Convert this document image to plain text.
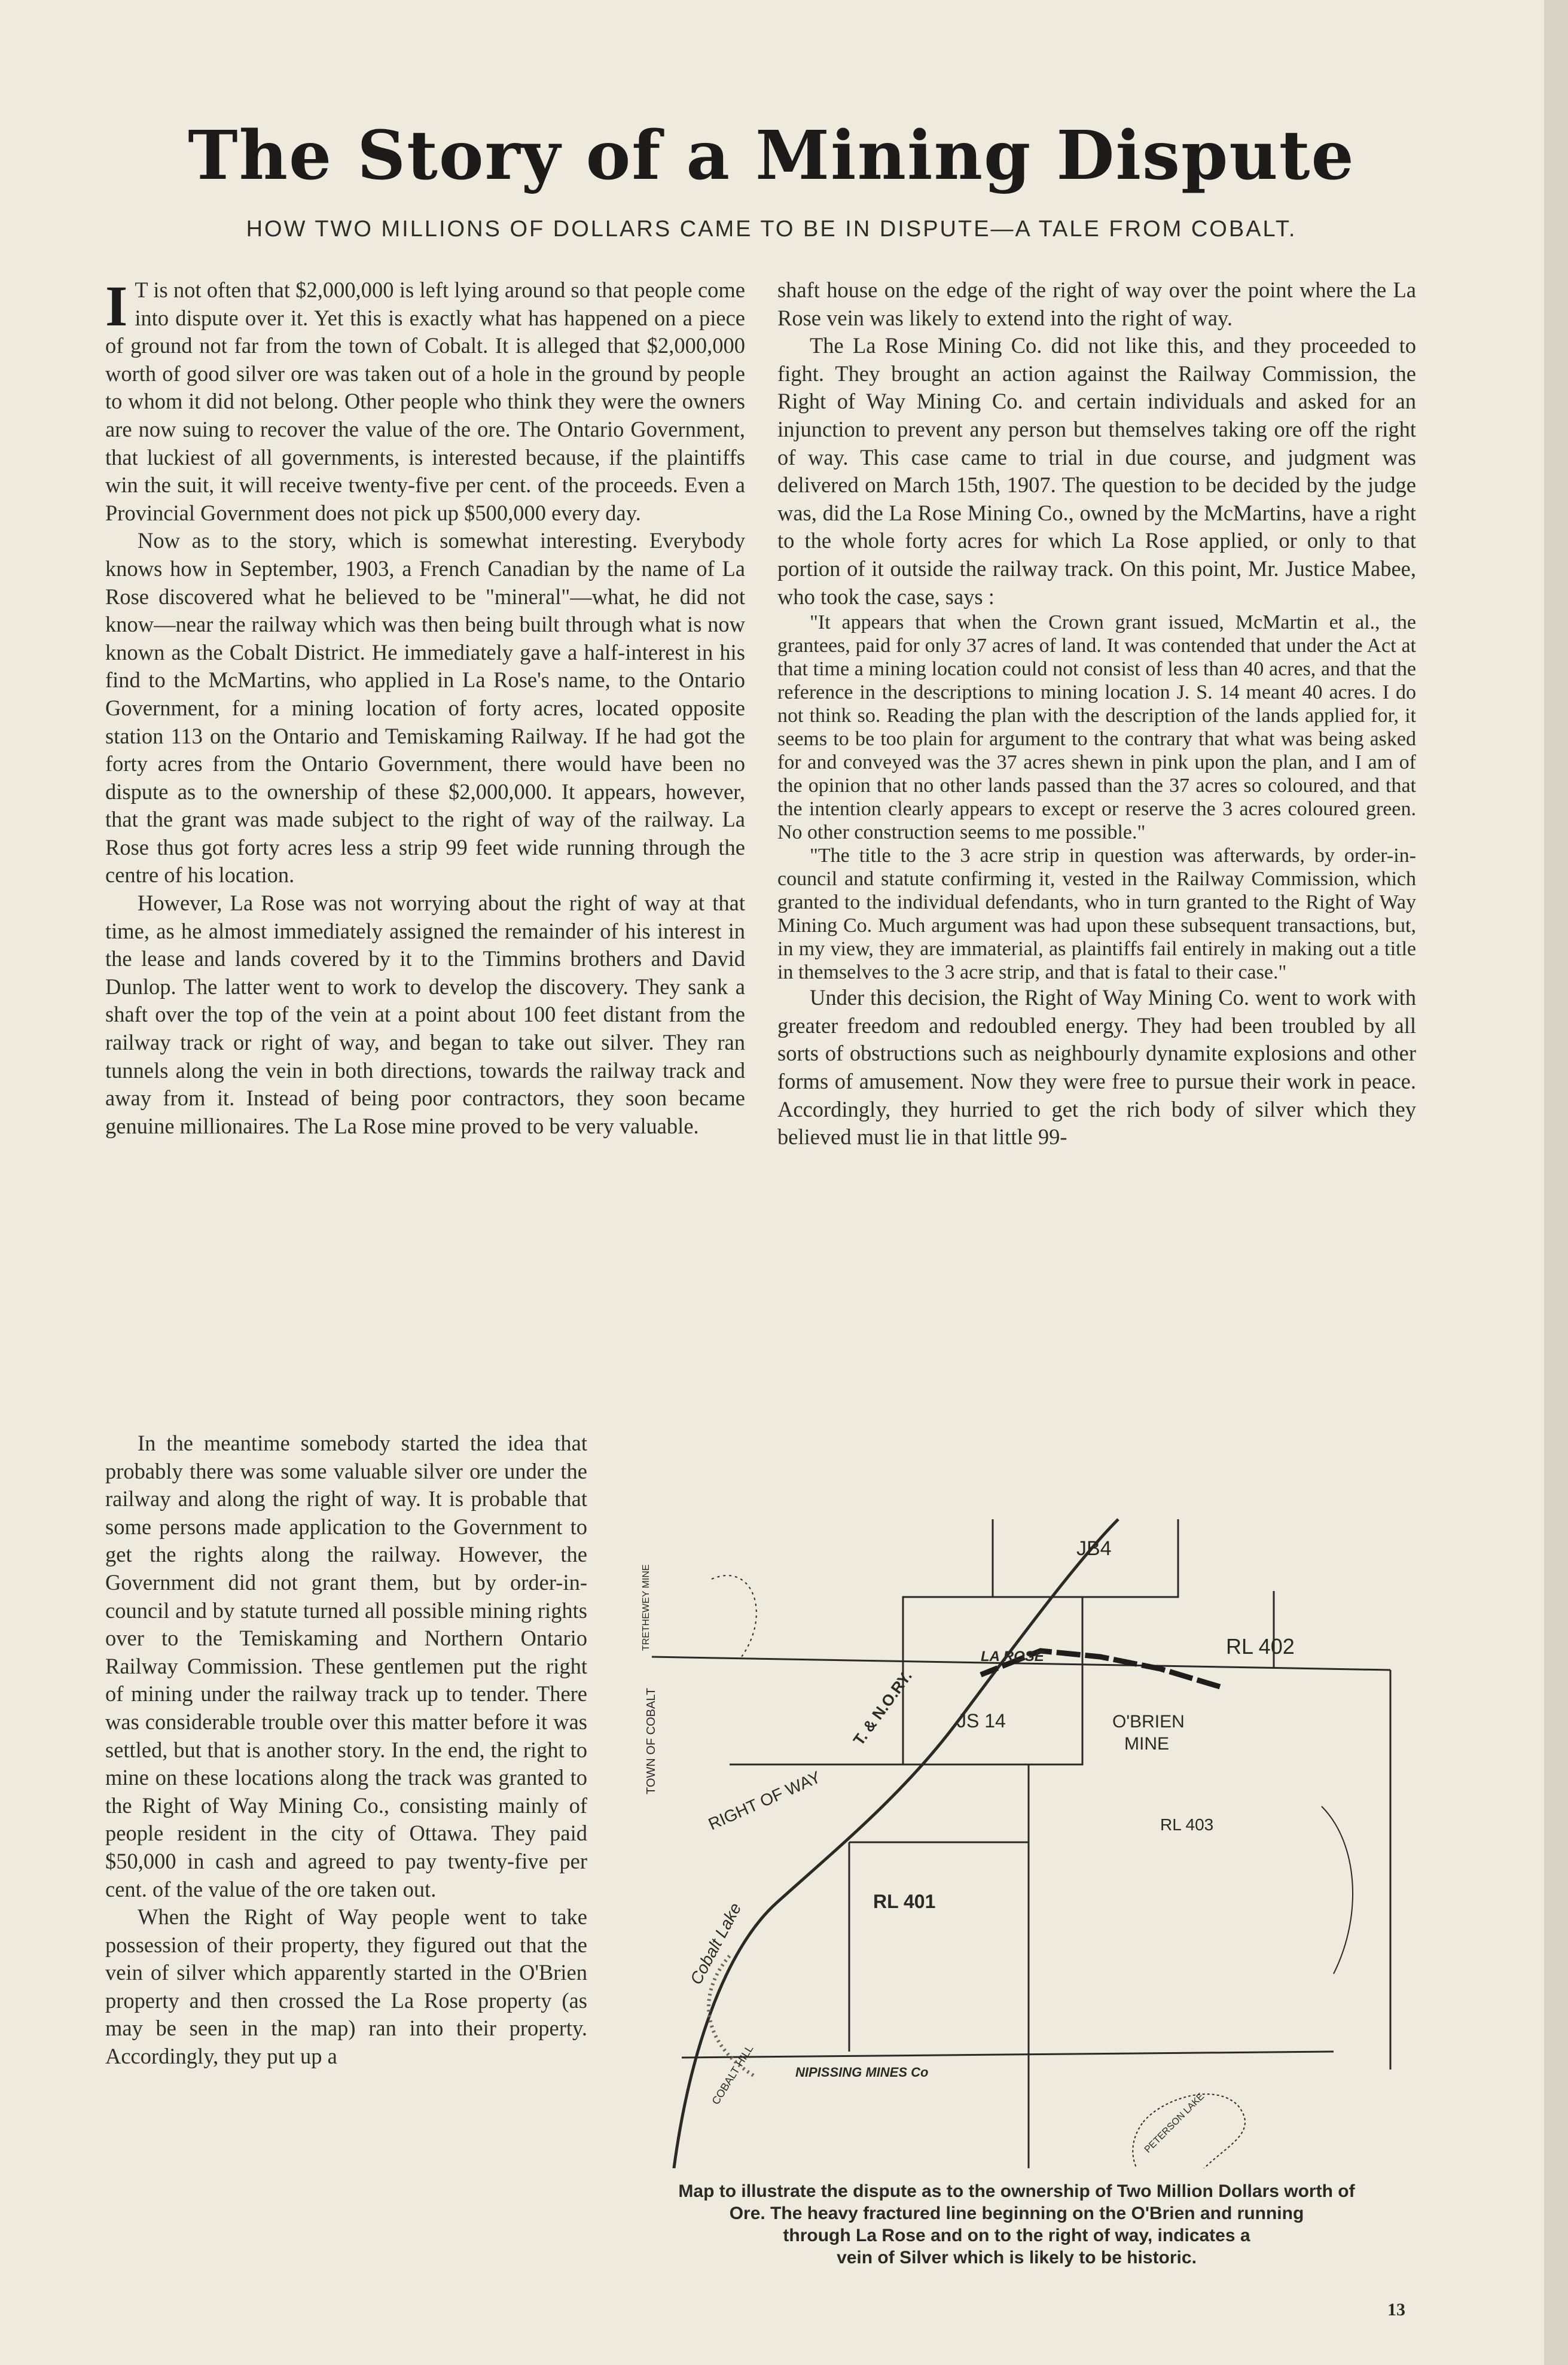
The Story of a Mining Dispute
HOW TWO MILLIONS OF DOLLARS CAME TO BE IN DISPUTE—A TALE FROM COBALT.

I T is not often that $2,000,000 is left lying around so that people come into dispute over it. Yet this is exactly what has happened on a piece of ground not far from the town of Cobalt. It is alleged that $2,000,000 worth of good silver ore was taken out of a hole in the ground by people to whom it did not belong. Other people who think they were the owners are now suing to recover the value of the ore. The Ontario Government, that luckiest of all governments, is interested because, if the plaintiffs win the suit, it will receive twenty-five per cent. of the proceeds. Even a Provincial Government does not pick up $500,000 every day.

Now as to the story, which is somewhat interesting. Everybody knows how in September, 1903, a French Canadian by the name of La Rose discovered what he believed to be "mineral"—what, he did not know—near the railway which was then being built through what is now known as the Cobalt District. He immediately gave a half-interest in his find to the McMartins, who applied in La Rose's name, to the Ontario Government, for a mining location of forty acres, located opposite station 113 on the Ontario and Temiskaming Railway. If he had got the forty acres from the Ontario Government, there would have been no dispute as to the ownership of these $2,000,000. It appears, however, that the grant was made subject to the right of way of the railway. La Rose thus got forty acres less a strip 99 feet wide running through the centre of his location.

However, La Rose was not worrying about the right of way at that time, as he almost immediately assigned the remainder of his interest in the lease and lands covered by it to the Timmins brothers and David Dunlop. The latter went to work to develop the discovery. They sank a shaft over the top of the vein at a point about 100 feet distant from the railway track or right of way, and began to take out silver. They ran tunnels along the vein in both directions, towards the railway track and away from it. Instead of being poor contractors, they soon became genuine millionaires. The La Rose mine proved to be very valuable.

In the meantime somebody started the idea that probably there was some valuable silver ore under the railway and along the right of way. It is probable that some persons made application to the Government to get the rights along the railway. However, the Government did not grant them, but by order-in-council and by statute turned all possible mining rights over to the Temiskaming and Northern Ontario Railway Commission. These gentlemen put the right of mining under the railway track up to tender. There was considerable trouble over this matter before it was settled, but that is another story. In the end, the right to mine on these locations along the track was granted to the Right of Way Mining Co., consisting mainly of people resident in the city of Ottawa. They paid $50,000 in cash and agreed to pay twenty-five per cent. of the value of the ore taken out.

When the Right of Way people went to take possession of their property, they figured out that the vein of silver which apparently started in the O'Brien property and then crossed the La Rose property (as may be seen in the map) ran into their property. Accordingly, they put up a

shaft house on the edge of the right of way over the point where the La Rose vein was likely to extend into the right of way.

The La Rose Mining Co. did not like this, and they proceeded to fight. They brought an action against the Railway Commission, the Right of Way Mining Co. and certain individuals and asked for an injunction to prevent any person but themselves taking ore off the right of way. This case came to trial in due course, and judgment was delivered on March 15th, 1907. The question to be decided by the judge was, did the La Rose Mining Co., owned by the McMartins, have a right to the whole forty acres for which La Rose applied, or only to that portion of it outside the railway track. On this point, Mr. Justice Mabee, who took the case, says :

"It appears that when the Crown grant issued, McMartin et al., the grantees, paid for only 37 acres of land. It was contended that under the Act at that time a mining location could not consist of less than 40 acres, and that the reference in the descriptions to mining location J. S. 14 meant 40 acres. I do not think so. Reading the plan with the description of the lands applied for, it seems to be too plain for argument to the contrary that what was being asked for and conveyed was the 37 acres shewn in pink upon the plan, and I am of the opinion that no other lands passed than the 37 acres so coloured, and that the intention clearly appears to except or reserve the 3 acres coloured green. No other construction seems to me possible."

"The title to the 3 acre strip in question was afterwards, by order-in-council and statute confirming it, vested in the Railway Commission, which granted to the individual defendants, who in turn granted to the Right of Way Mining Co. Much argument was had upon these subsequent transactions, but, in my view, they are immaterial, as plaintiffs fail entirely in making out a title in themselves to the 3 acre strip, and that is fatal to their case."

Under this decision, the Right of Way Mining Co. went to work with greater freedom and redoubled energy. They had been troubled by all sorts of obstructions such as neighbourly dynamite explosions and other forms of amusement. Now they were free to pursue their work in peace. Accordingly, they hurried to get the rich body of silver which they believed must lie in that little 99-

JB4
LA ROSE	RL 402
JS 14	O'BRIEN
MINE
RL 403
RL 401
RIGHT OF WAY
T. & N.O.RY.
TOWN OF COBALT
Cobalt Lake
COBALT HILL	NIPISSING MINES Co
PETERSON LAKE
TRETHEWEY MINE
Map to illustrate the dispute as to the ownership of Two Million Dollars worth of
Ore. The heavy fractured line beginning on the O'Brien and running
through La Rose and on to the right of way, indicates a
vein of Silver which is likely to be historic.
13
